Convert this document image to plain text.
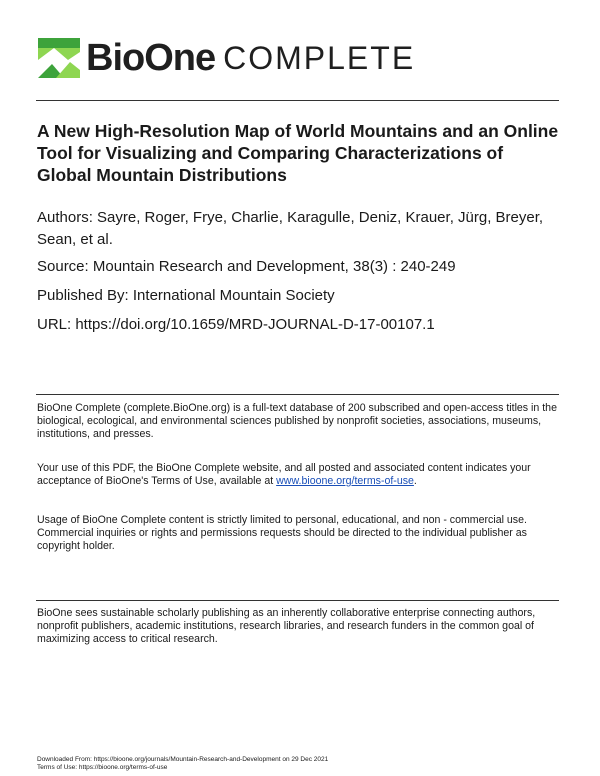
BioOne COMPLETE
A New High-Resolution Map of World Mountains and an Online Tool for Visualizing and Comparing Characterizations of Global Mountain Distributions
Authors: Sayre, Roger, Frye, Charlie, Karagulle, Deniz, Krauer, Jürg, Breyer, Sean, et al.
Source: Mountain Research and Development, 38(3) : 240-249
Published By: International Mountain Society
URL: https://doi.org/10.1659/MRD-JOURNAL-D-17-00107.1
BioOne Complete (complete.BioOne.org) is a full-text database of 200 subscribed and open-access titles in the biological, ecological, and environmental sciences published by nonprofit societies, associations, museums, institutions, and presses.
Your use of this PDF, the BioOne Complete website, and all posted and associated content indicates your acceptance of BioOne's Terms of Use, available at www.bioone.org/terms-of-use.
Usage of BioOne Complete content is strictly limited to personal, educational, and non - commercial use. Commercial inquiries or rights and permissions requests should be directed to the individual publisher as copyright holder.
BioOne sees sustainable scholarly publishing as an inherently collaborative enterprise connecting authors, nonprofit publishers, academic institutions, research libraries, and research funders in the common goal of maximizing access to critical research.
Downloaded From: https://bioone.org/journals/Mountain-Research-and-Development on 29 Dec 2021
Terms of Use: https://bioone.org/terms-of-use
